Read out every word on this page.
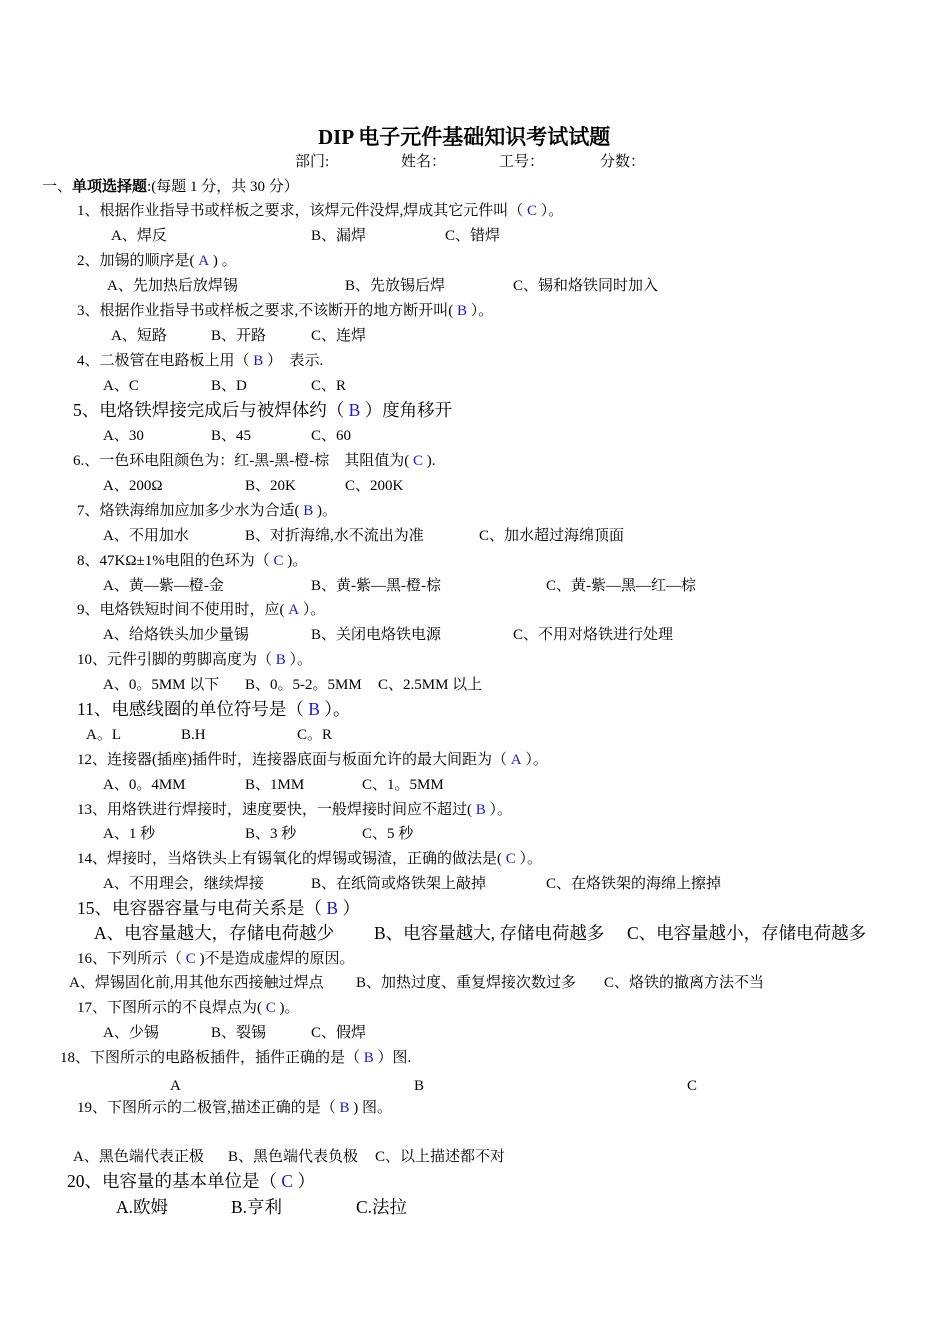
DIP 电子元件基础知识考试试题
部门:	姓名：	工号：	分数：
一、单项选择题:(每题 1 分，共 30 分）
1、根据作业指导书或样板之要求，该焊元件没焊,焊成其它元件叫（ C ）。
A、焊反	B、漏焊	C、错焊
2、加锡的顺序是( A ) 。
A、先加热后放焊锡	B、先放锡后焊	C、锡和烙铁同时加入
3、根据作业指导书或样板之要求,不该断开的地方断开叫( B ）。
A、短路	B、开路	C、连焊
4、二极管在电路板上用（ B ）　表示.
A、C	B、D	C、R
5、电烙铁焊接完成后与被焊体约（ B ）度角移开
A、30	B、45	C、60
6.、一色环电阻颜色为：红-黑-黑-橙-棕　其阻值为( C ).
A、200Ω	B、20K	C、200K
7、烙铁海绵加应加多少水为合适( B )。
A、不用加水	B、对折海绵,水不流出为准	C、加水超过海绵顶面
8、47KΩ±1%电阻的色环为（ C )。
A、黄—紫—橙-金	B、黄-紫—黑-橙-棕	C、黄-紫—黑—红—棕
9、电烙铁短时间不使用时，应( A ）。
A、给烙铁头加少量锡	B、关闭电烙铁电源	C、不用对烙铁进行处理
10、元件引脚的剪脚高度为（ B ）。
A、0。5MM 以下 B、0。5-2。5MM C、2.5MM 以上
11、电感线圈的单位符号是（ B ）。
A。L	B.H	C。R
12、连接器(插座)插件时，连接器底面与板面允许的最大间距为（ A ）。
A、0。4MM	B、1MM	C、1。5MM
13、用烙铁进行焊接时，速度要快，一般焊接时间应不超过( B ）。
A、1 秒	B、3 秒	C、5 秒
14、焊接时，当烙铁头上有锡氧化的焊锡或锡渣，正确的做法是( C ）。
A、不用理会，继续焊接	B、在纸筒或烙铁架上敲掉	C、在烙铁架的海绵上擦掉
15、电容器容量与电荷关系是（ B ）
A、电容量越大，存储电荷越少 B、电容量越大, 存储电荷越多 C、电容量越小，存储电荷越多
16、下列所示（ C )不是造成虚焊的原因。
A、焊锡固化前,用其他东西接触过焊点 B、加热过度、重复焊接次数过多 C、烙铁的撤离方法不当
17、下图所示的不良焊点为( C )。
A、少锡	B、裂锡	C、假焊
18、下图所示的电路板插件，插件正确的是（ B ）图.
A	B	C
19、下图所示的二极管,描述正确的是（ B ) 图。
A、黑色端代表正极 B、黑色端代表负极 C、以上描述都不对
20、电容量的基本单位是（ C ）
A.欧姆	B.亨利	C.法拉
